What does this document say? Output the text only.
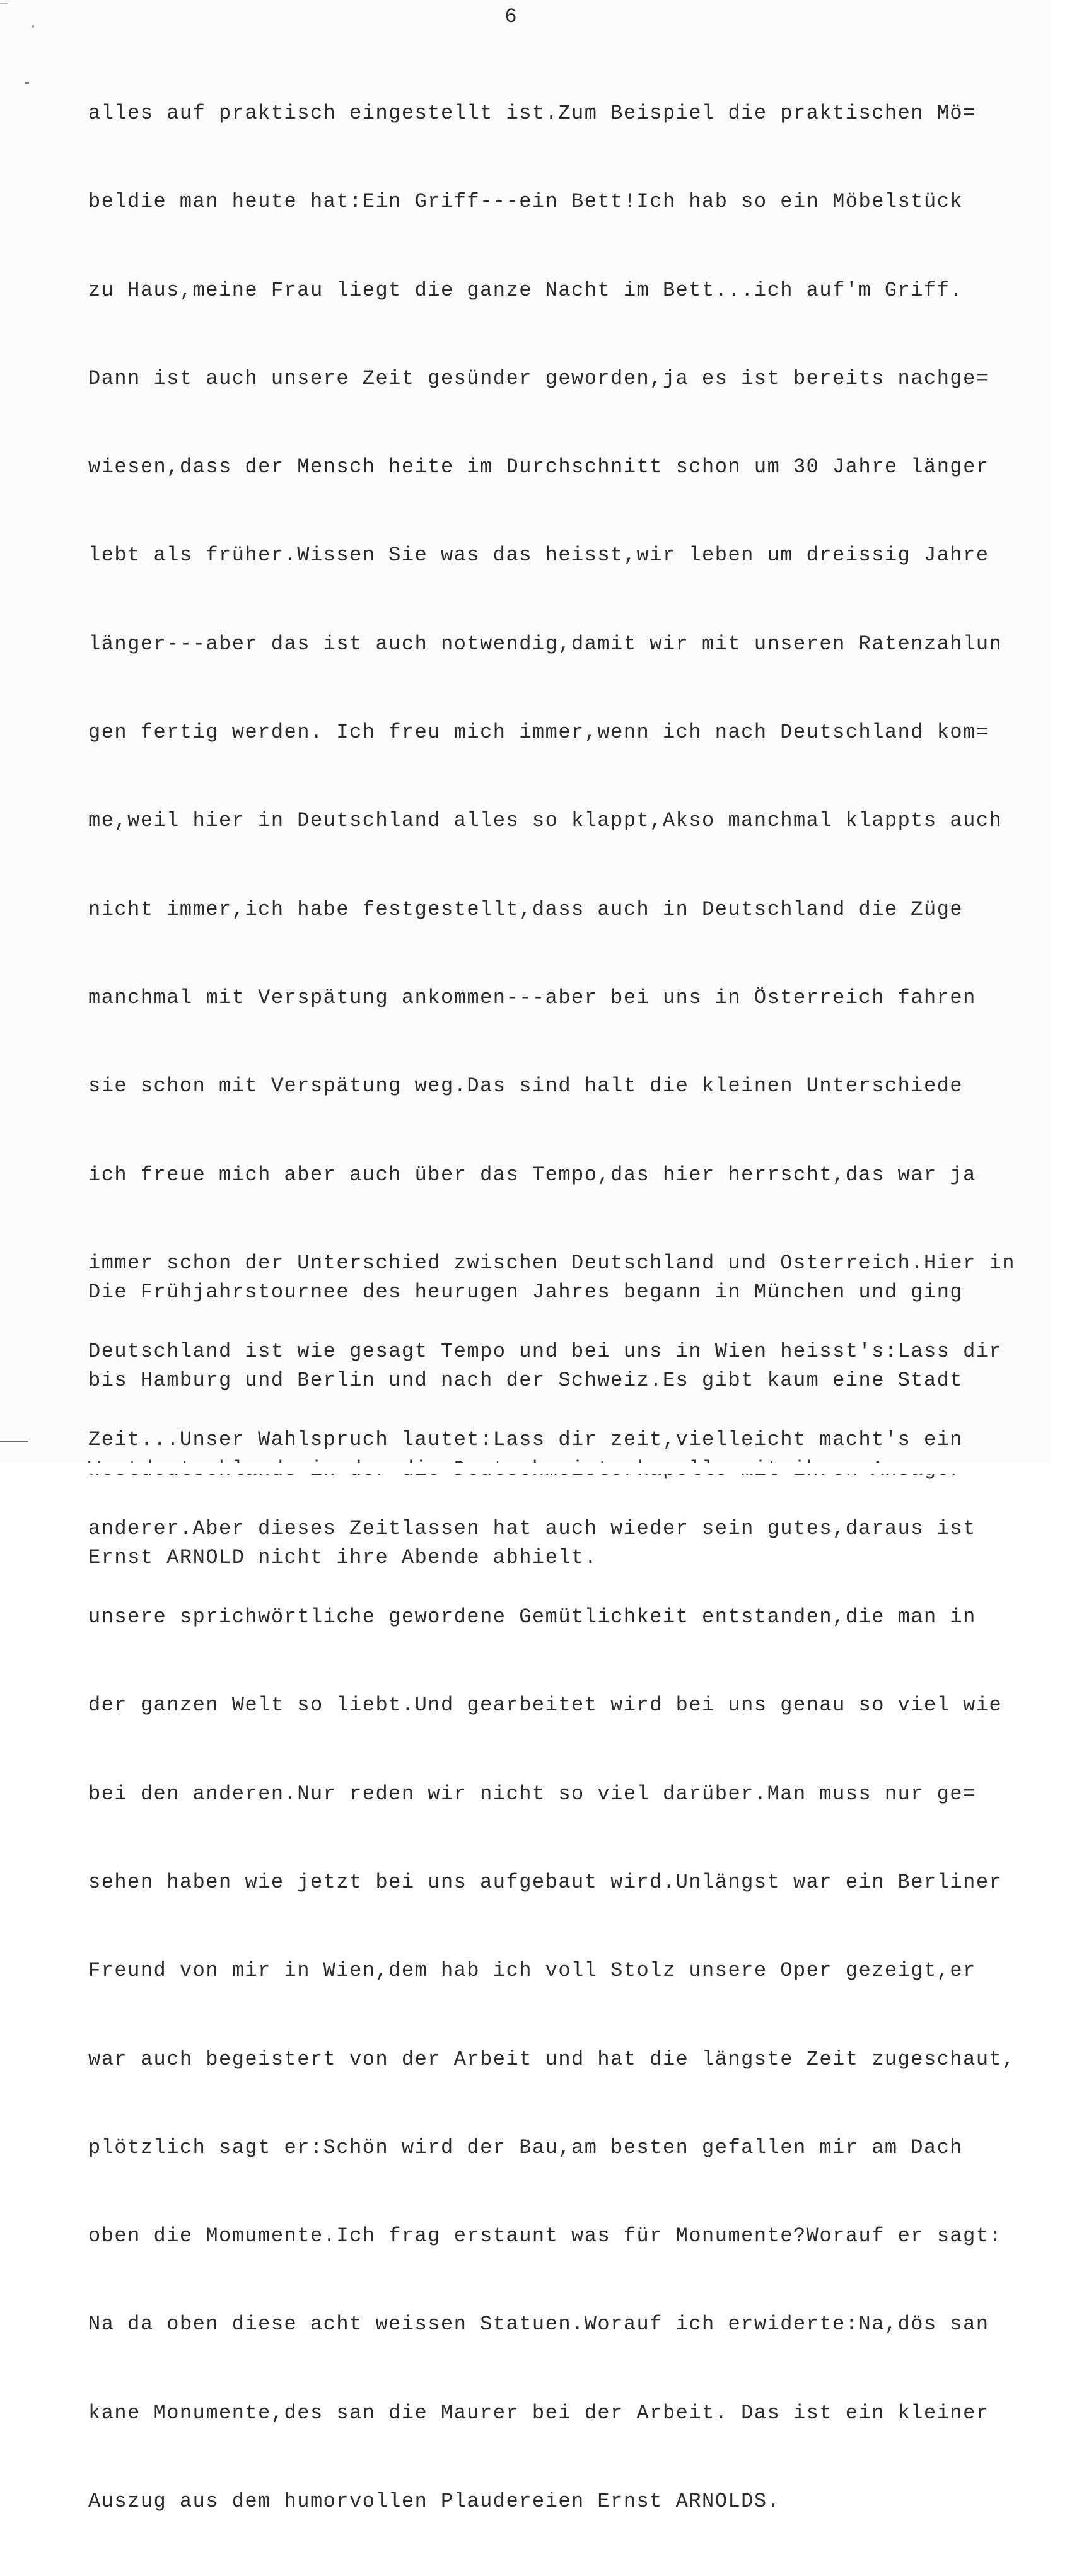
6

alles auf praktisch eingestellt ist.Zum Beispiel die praktischen Mö=

beldie man heute hat:Ein Griff---ein Bett!Ich hab so ein Möbelstück

zu Haus,meine Frau liegt die ganze Nacht im Bett...ich auf'm Griff.

Dann ist auch unsere Zeit gesünder geworden,ja es ist bereits nachge=

wiesen,dass der Mensch heite im Durchschnitt schon um 30 Jahre länger

lebt als früher.Wissen Sie was das heisst,wir leben um dreissig Jahre

länger---aber das ist auch notwendig,damit wir mit unseren Ratenzahlun

gen fertig werden. Ich freu mich immer,wenn ich nach Deutschland kom=

me,weil hier in Deutschland alles so klappt,Akso manchmal klappts auch

nicht immer,ich habe festgestellt,dass auch in Deutschland die Züge

manchmal mit Verspätung ankommen---aber bei uns in Österreich fahren

sie schon mit Verspätung weg.Das sind halt die kleinen Unterschiede

ich freue mich aber auch über das Tempo,das hier herrscht,das war ja

immer schon der Unterschied zwischen Deutschland und Osterreich.Hier in

Deutschland ist wie gesagt Tempo und bei uns in Wien heisst's:Lass dir

Zeit...Unser Wahlspruch lautet:Lass dir zeit,vielleicht macht's ein

anderer.Aber dieses Zeitlassen hat auch wieder sein gutes,daraus ist

unsere sprichwörtliche gewordene Gemütlichkeit entstanden,die man in

der ganzen Welt so liebt.Und gearbeitet wird bei uns genau so viel wie

bei den anderen.Nur reden wir nicht so viel darüber.Man muss nur ge=

sehen haben wie jetzt bei uns aufgebaut wird.Unlängst war ein Berliner

Freund von mir in Wien,dem hab ich voll Stolz unsere Oper gezeigt,er

war auch begeistert von der Arbeit und hat die längste Zeit zugeschaut,

plötzlich sagt er:Schön wird der Bau,am besten gefallen mir am Dach

oben die Momumente.Ich frag erstaunt was für Monumente?Worauf er sagt:

Na da oben diese acht weissen Statuen.Worauf ich erwiderte:Na,dös san

kane Monumente,des san die Maurer bei der Arbeit. Das ist ein kleiner

Auszug aus dem humorvollen Plaudereien Ernst ARNOLDS.

Die Frühjahrstournee des heurugen Jahres begann in München und ging

bis Hamburg und Berlin und nach der Schweiz.Es gibt kaum eine Stadt

Ernst ARNOLD nicht ihre Abende abhielt.
